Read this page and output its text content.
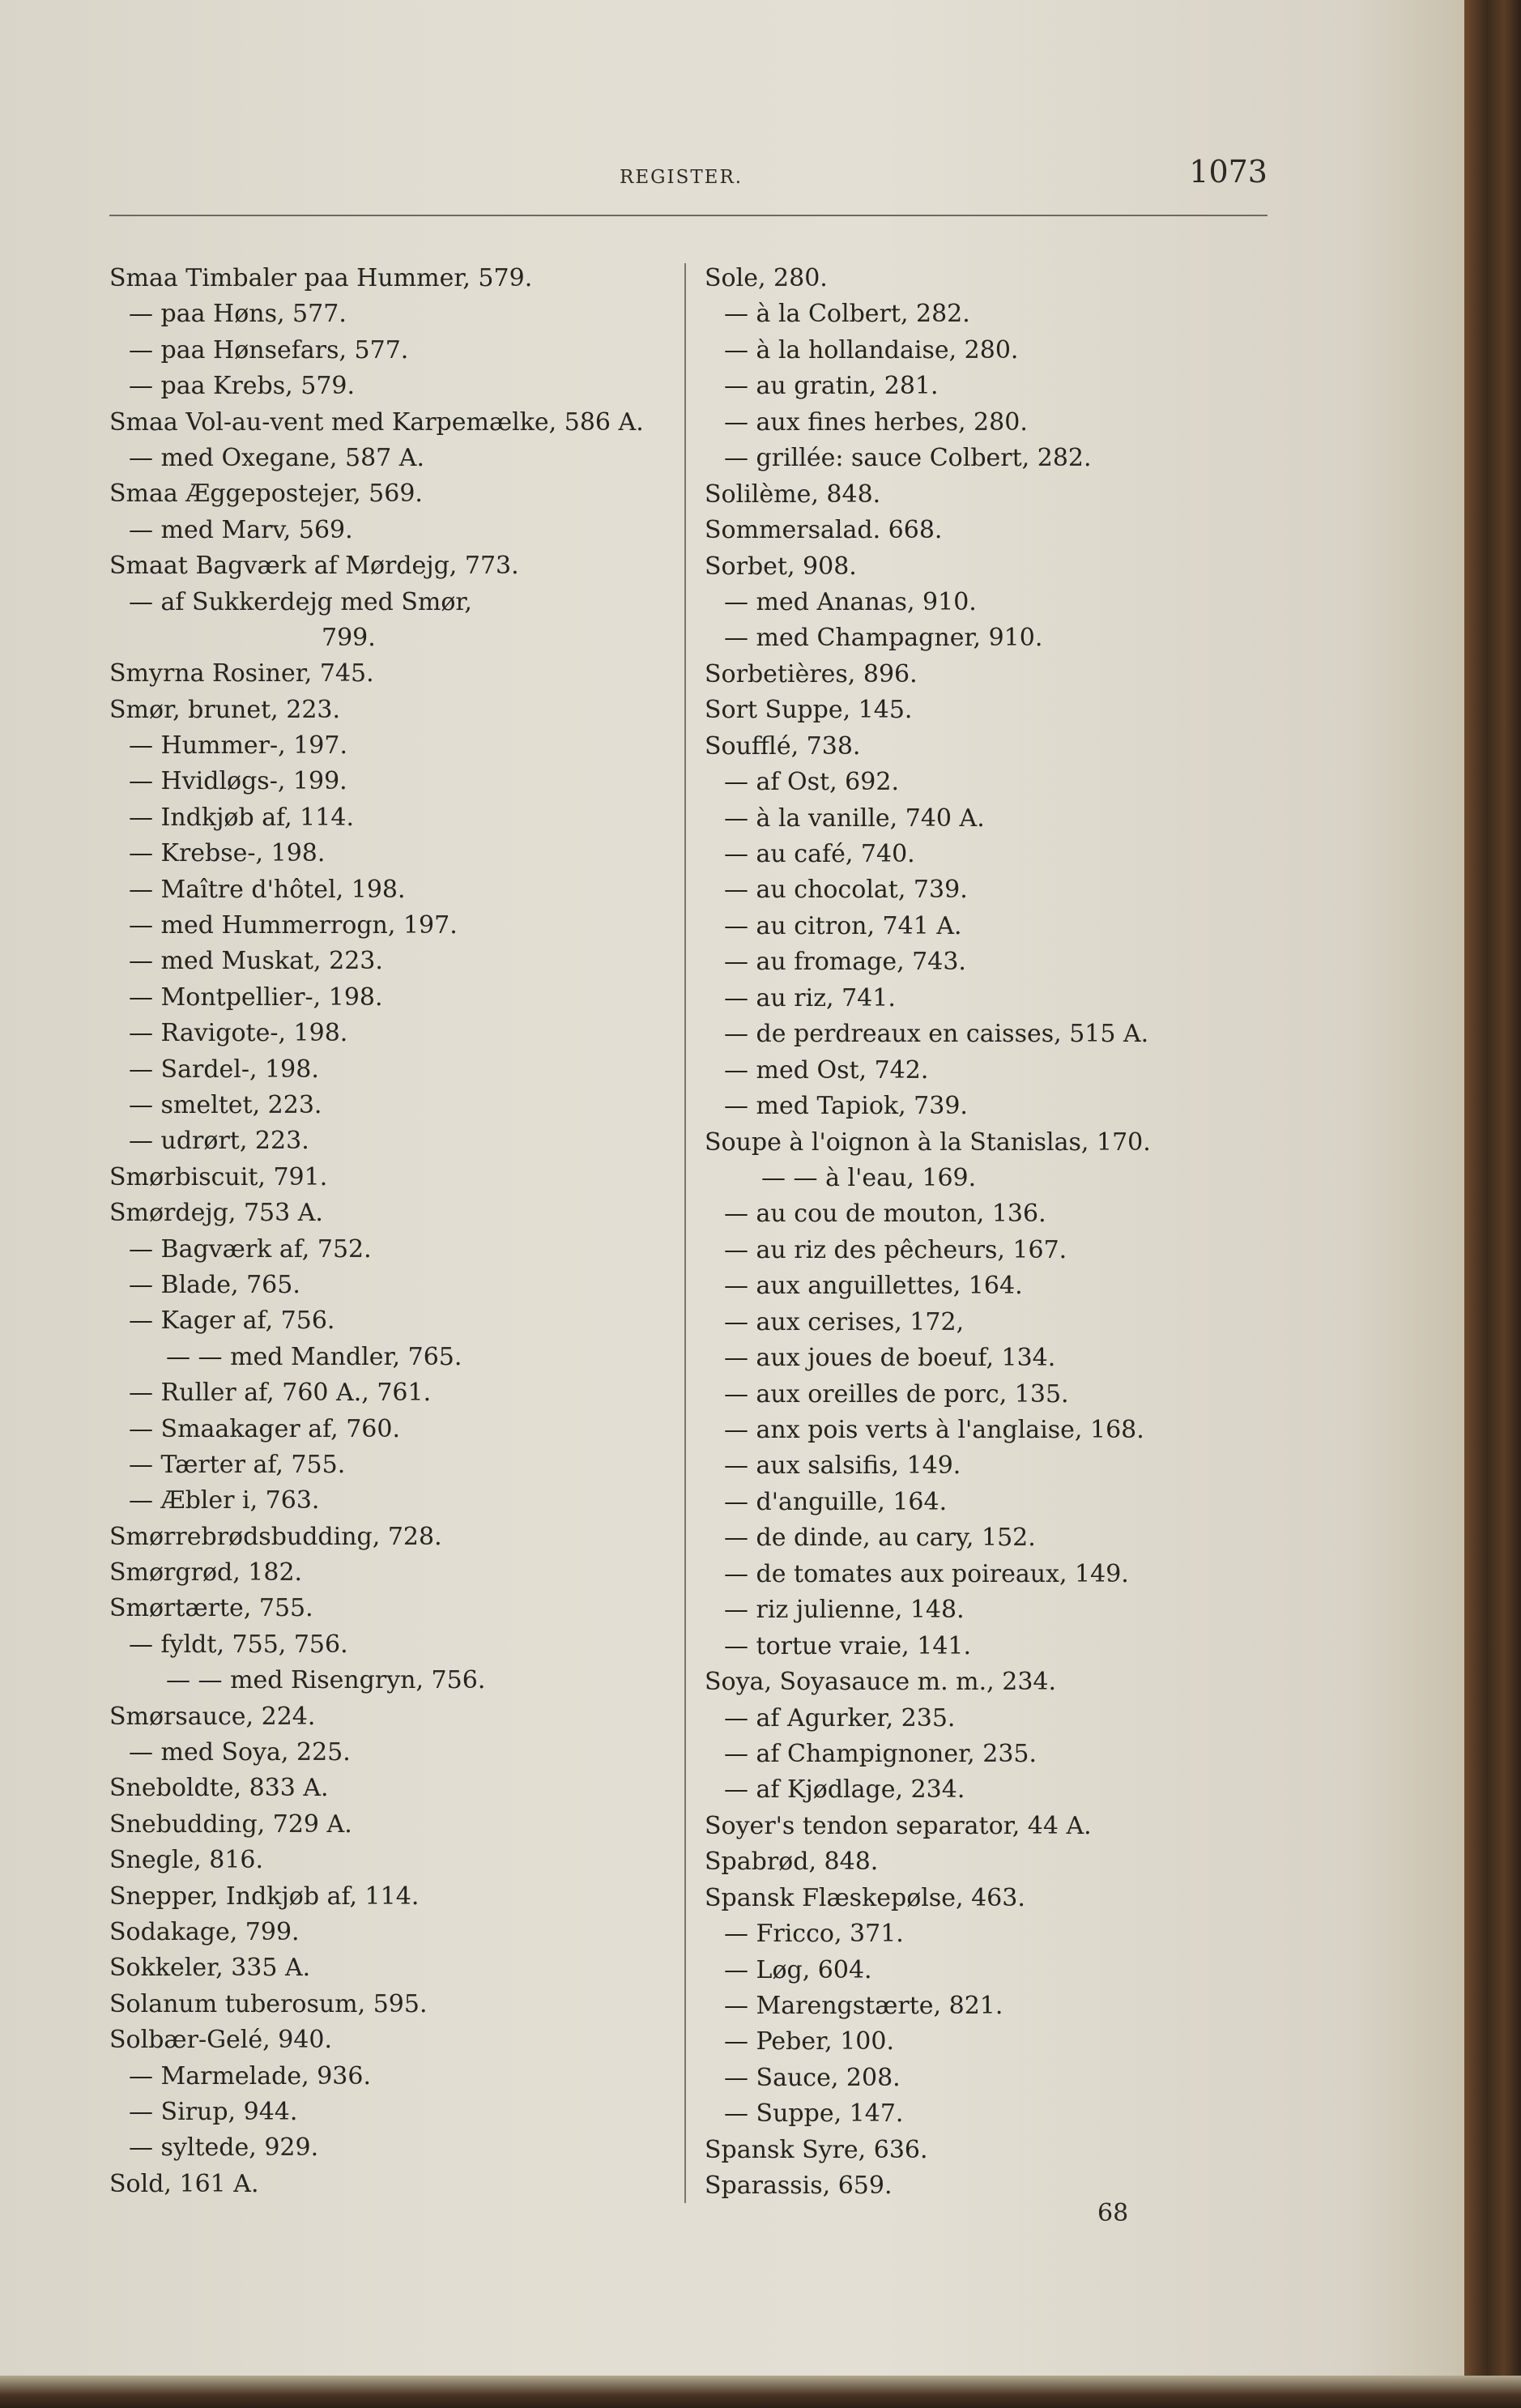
REGISTER.	1073
Smaa Timbaler paa Hummer, 579.
— paa Høns, 577.
— paa Hønsefars, 577.
— paa Krebs, 579.
Smaa Vol-au-vent med Karpemælke, 586 A.
— med Oxegane, 587 A.
Smaa Æggepostejer, 569.
— med Marv, 569.
Smaat Bagværk af Mørdejg, 773.
— af Sukkerdejg med Smør,
799.
Smyrna Rosiner, 745.
Smør, brunet, 223.
— Hummer-, 197.
— Hvidløgs-, 199.
— Indkjøb af, 114.
— Krebse-, 198.
— Maître d'hôtel, 198.
— med Hummerrogn, 197.
— med Muskat, 223.
— Montpellier-, 198.
— Ravigote-, 198.
— Sardel-, 198.
— smeltet, 223.
— udrørt, 223.
Smørbiscuit, 791.
Smørdejg, 753 A.
— Bagværk af, 752.
— Blade, 765.
— Kager af, 756.
— — med Mandler, 765.
— Ruller af, 760 A., 761.
— Smaakager af, 760.
— Tærter af, 755.
— Æbler i, 763.
Smørrebrødsbudding, 728.
Smørgrød, 182.
Smørtærte, 755.
— fyldt, 755, 756.
— — med Risengryn, 756.
Smørsauce, 224.
— med Soya, 225.
Sneboldte, 833 A.
Snebudding, 729 A.
Snegle, 816.
Snepper, Indkjøb af, 114.
Sodakage, 799.
Sokkeler, 335 A.
Solanum tuberosum, 595.
Solbær-Gelé, 940.
— Marmelade, 936.
— Sirup, 944.
— syltede, 929.
Sold, 161 A.
Sole, 280.
— à la Colbert, 282.
— à la hollandaise, 280.
— au gratin, 281.
— aux fines herbes, 280.
— grillée: sauce Colbert, 282.
Solilème, 848.
Sommersalad. 668.
Sorbet, 908.
— med Ananas, 910.
— med Champagner, 910.
Sorbetières, 896.
Sort Suppe, 145.
Soufflé, 738.
— af Ost, 692.
— à la vanille, 740 A.
— au café, 740.
— au chocolat, 739.
— au citron, 741 A.
— au fromage, 743.
— au riz, 741.
— de perdreaux en caisses, 515 A.
— med Ost, 742.
— med Tapiok, 739.
Soupe à l'oignon à la Stanislas, 170.
— — à l'eau, 169.
— au cou de mouton, 136.
— au riz des pêcheurs, 167.
— aux anguillettes, 164.
— aux cerises, 172,
— aux joues de boeuf, 134.
— aux oreilles de porc, 135.
— anx pois verts à l'anglaise, 168.
— aux salsifis, 149.
— d'anguille, 164.
— de dinde, au cary, 152.
— de tomates aux poireaux, 149.
— riz julienne, 148.
— tortue vraie, 141.
Soya, Soyasauce m. m., 234.
— af Agurker, 235.
— af Champignoner, 235.
— af Kjødlage, 234.
Soyer's tendon separator, 44 A.
Spabrød, 848.
Spansk Flæskepølse, 463.
— Fricco, 371.
— Løg, 604.
— Marengstærte, 821.
— Peber, 100.
— Sauce, 208.
— Suppe, 147.
Spansk Syre, 636.
Sparassis, 659.
68
